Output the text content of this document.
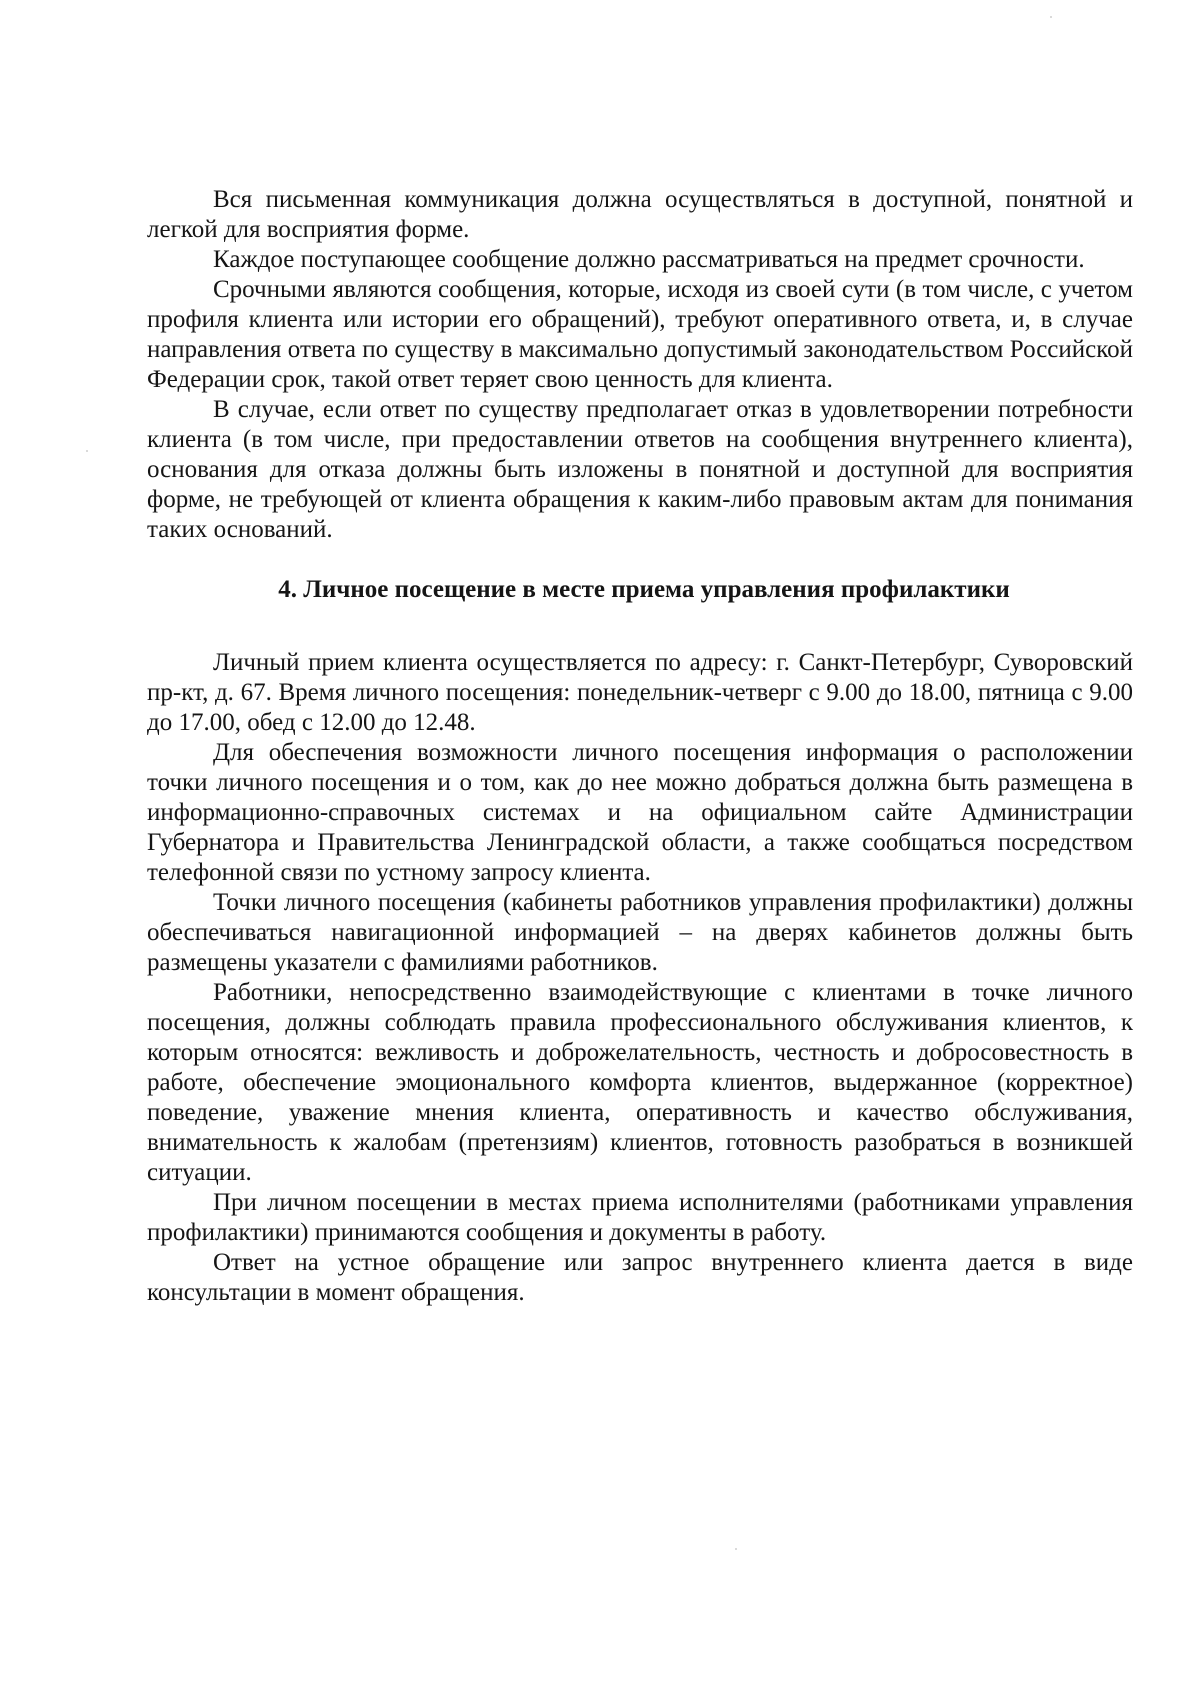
Вся письменная коммуникация должна осуществляться в доступной, понятной и легкой для восприятия форме.

Каждое поступающее сообщение должно рассматриваться на предмет срочности.

Срочными являются сообщения, которые, исходя из своей сути (в том числе, с учетом профиля клиента или истории его обращений), требуют оперативного ответа, и, в случае направления ответа по существу в максимально допустимый законодательством Российской Федерации срок, такой ответ теряет свою ценность для клиента.

В случае, если ответ по существу предполагает отказ в удовлетворении потребности клиента (в том числе, при предоставлении ответов на сообщения внутреннего клиента), основания для отказа должны быть изложены в понятной и доступной для восприятия форме, не требующей от клиента обращения к каким-либо правовым актам для понимания таких оснований.

4. Личное посещение в месте приема управления профилактики

Личный прием клиента осуществляется по адресу: г. Санкт-Петербург, Суворовский пр-кт, д. 67. Время личного посещения: понедельник-четверг с 9.00 до 18.00, пятница с 9.00 до 17.00, обед с 12.00 до 12.48.

Для обеспечения возможности личного посещения информация о расположении точки личного посещения и о том, как до нее можно добраться должна быть размещена в информационно-справочных системах и на официальном сайте Администрации Губернатора и Правительства Ленинградской области, а также сообщаться посредством телефонной связи по устному запросу клиента.

Точки личного посещения (кабинеты работников управления профилактики) должны обеспечиваться навигационной информацией – на дверях кабинетов должны быть размещены указатели с фамилиями работников.

Работники, непосредственно взаимодействующие с клиентами в точке личного посещения, должны соблюдать правила профессионального обслуживания клиентов, к которым относятся: вежливость и доброжелательность, честность и добросовестность в работе, обеспечение эмоционального комфорта клиентов, выдержанное (корректное) поведение, уважение мнения клиента, оперативность и качество обслуживания, внимательность к жалобам (претензиям) клиентов, готовность разобраться в возникшей ситуации.

При личном посещении в местах приема исполнителями (работниками управления профилактики) принимаются сообщения и документы в работу.

Ответ на устное обращение или запрос внутреннего клиента дается в виде консультации в момент обращения.
